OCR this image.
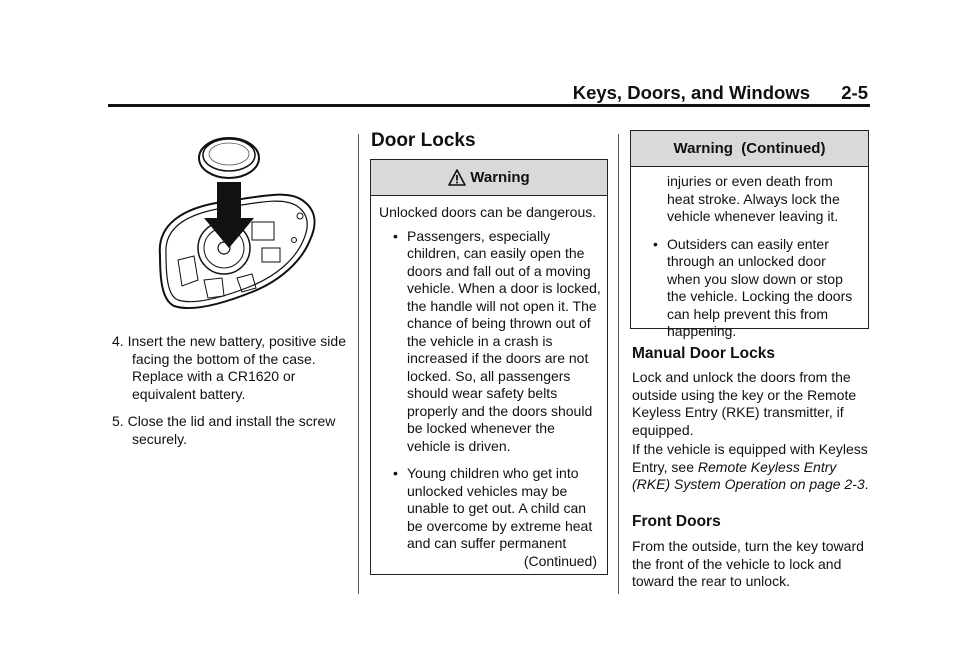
Keys, Doors, and Windows 2-5
4. Insert the new battery, positive side facing the bottom of the case. Replace with a CR1620 or equivalent battery.
5. Close the lid and install the screw securely.
Door Locks
Warning
Unlocked doors can be dangerous.
• Passengers, especially children, can easily open the doors and fall out of a moving vehicle. When a door is locked, the handle will not open it. The chance of being thrown out of the vehicle in a crash is increased if the doors are not locked. So, all passengers should wear safety belts properly and the doors should be locked whenever the vehicle is driven.
• Young children who get into unlocked vehicles may be unable to get out. A child can be overcome by extreme heat and can suffer permanent
(Continued)
Warning  (Continued)
injuries or even death from heat stroke. Always lock the vehicle whenever leaving it.
• Outsiders can easily enter through an unlocked door when you slow down or stop the vehicle. Locking the doors can help prevent this from happening.
Manual Door Locks
Lock and unlock the doors from the outside using the key or the Remote Keyless Entry (RKE) transmitter, if equipped.
If the vehicle is equipped with Keyless Entry, see Remote Keyless Entry (RKE) System Operation on page 2-3.
Front Doors
From the outside, turn the key toward the front of the vehicle to lock and toward the rear to unlock.
